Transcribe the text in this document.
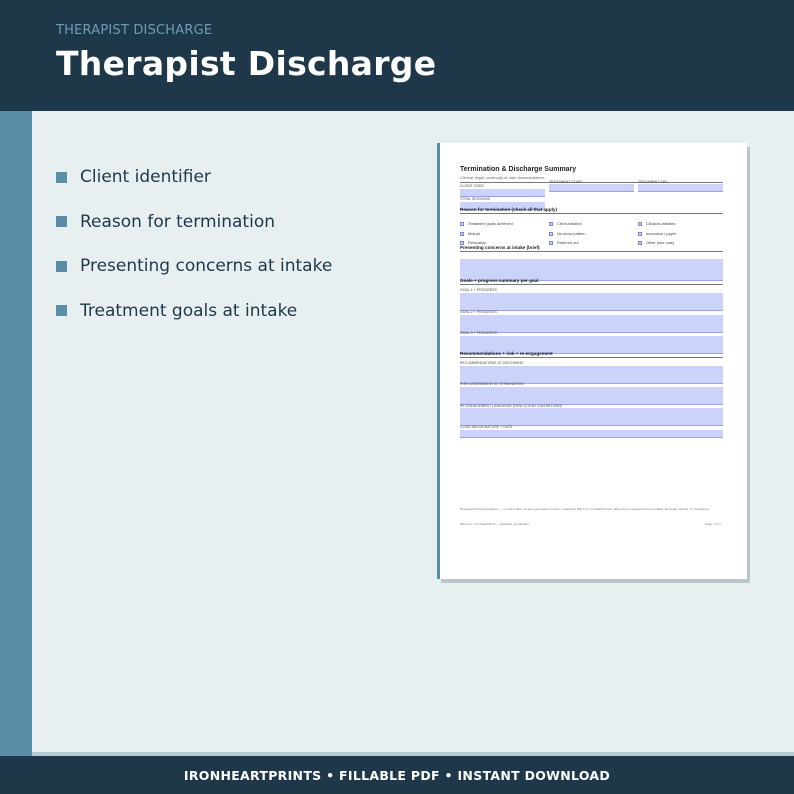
THERAPIST DISCHARGE
Therapist Discharge
Client identifier
Reason for termination
Presenting concerns at intake
Treatment goals at intake
Termination & Discharge Summary
Clinical, legal, continuity-of-care documentation.
CLIENT CODE
TREATMENT START	TREATMENT END
TOTAL SESSIONS
Reason for termination (check all that apply)
Treatment goals achieved	Client-initiated	Clinician-initiated
Mutual	No-show pattern	Insurance / payer
Relocation	Referred out	Other (see note)
Presenting concerns at intake (brief)
Goals + progress summary per goal
GOAL 1 + PROGRESS
GOAL 2 + PROGRESS
GOAL 3 + PROGRESS
Recommendations + risk + re-engagement
RECOMMENDATIONS AT DISCHARGE
RISK ASSESSMENT AT TERMINATION
RE-ENGAGEMENT LANGUAGE (HOW CLIENT CAN RETURN)
CLINICIAN SIGNATURE + DATE
Designed with AI assistance — no client data, no auto-generated content; curated by IBG LLC / IronHeartPrints. Every file is reviewed before publish. Not legal, clinical, or compliance.
IBG LLC / IronHeartPrints — therapist_termination	Page 1 of 1
IRONHEARTPRINTS • FILLABLE PDF • INSTANT DOWNLOAD
